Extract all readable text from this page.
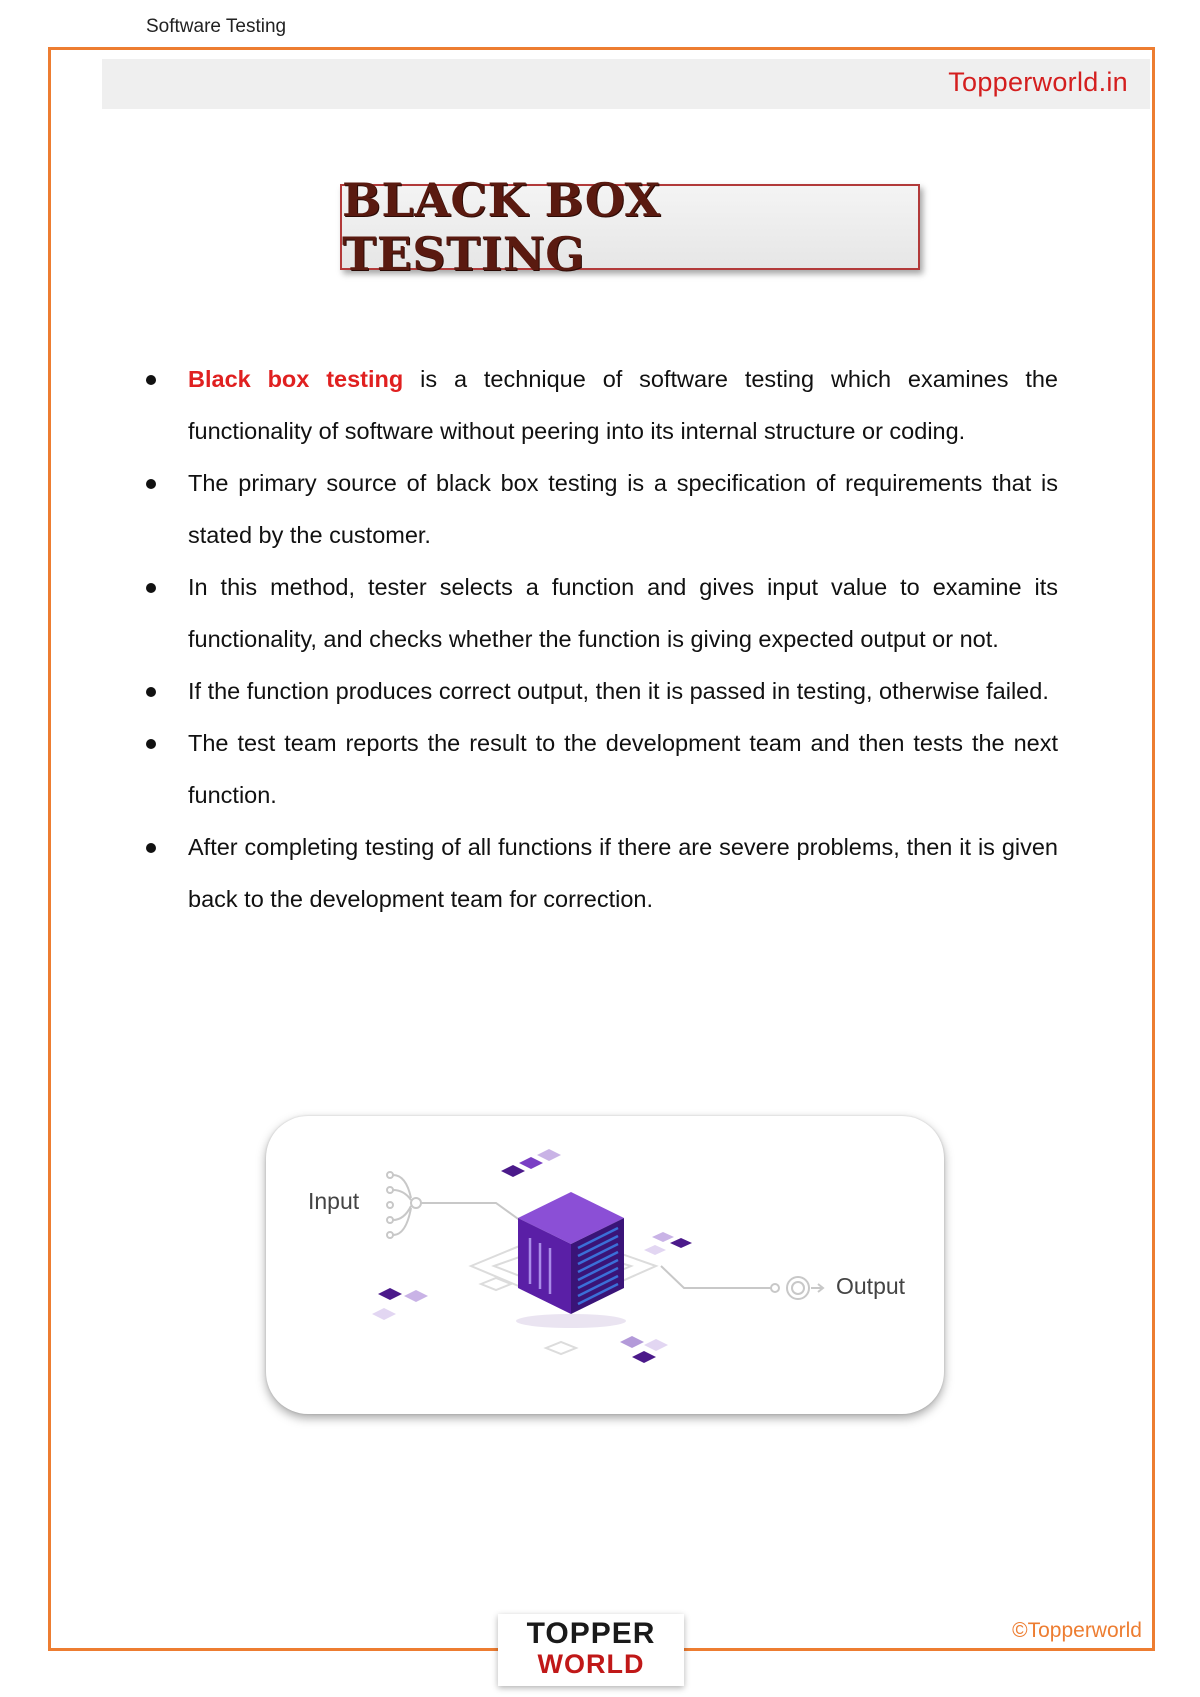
Software Testing
Topperworld.in
BLACK BOX TESTING
Black box testing is a technique of software testing which examines the functionality of software without peering into its internal structure or coding.
The primary source of black box testing is a specification of requirements that is stated by the customer.
In this method, tester selects a function and gives input value to examine its functionality, and checks whether the function is giving expected output or not.
If the function produces correct output, then it is passed in testing, otherwise failed.
The test team reports the result to the development team and then tests the next function.
After completing testing of all functions if there are severe problems, then it is given back to the development team for correction.
Input
Output
TOPPER
WORLD
©Topperworld
